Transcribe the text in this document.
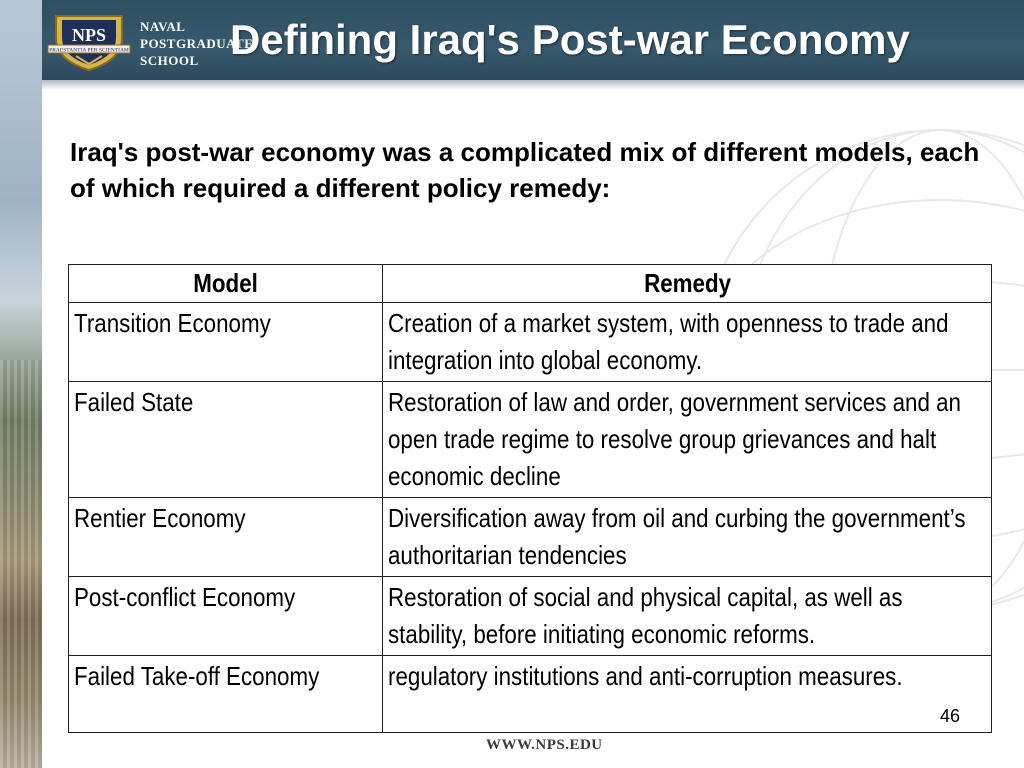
NPS
PRAESTANTIA PER SCIENTIAM
NAVAL
POSTGRADUATE
SCHOOL Defining Iraq's Post-war Economy
Iraq's post-war economy was a complicated mix of different models, each of which required a different policy remedy:
Model	Remedy
Transition Economy	Creation of a market system, with openness to trade and integration into global economy.

Failed State	Restoration of law and order, government services and an open trade regime to resolve group grievances and halt economic decline

Rentier Economy	Diversification away from oil and curbing the government’s authoritarian tendencies

Post-conflict Economy	Restoration of social and physical capital, as well as stability, before initiating economic reforms.

Failed Take-off Economy	regulatory institutions and anti-corruption measures.
46
WWW.NPS.EDU
